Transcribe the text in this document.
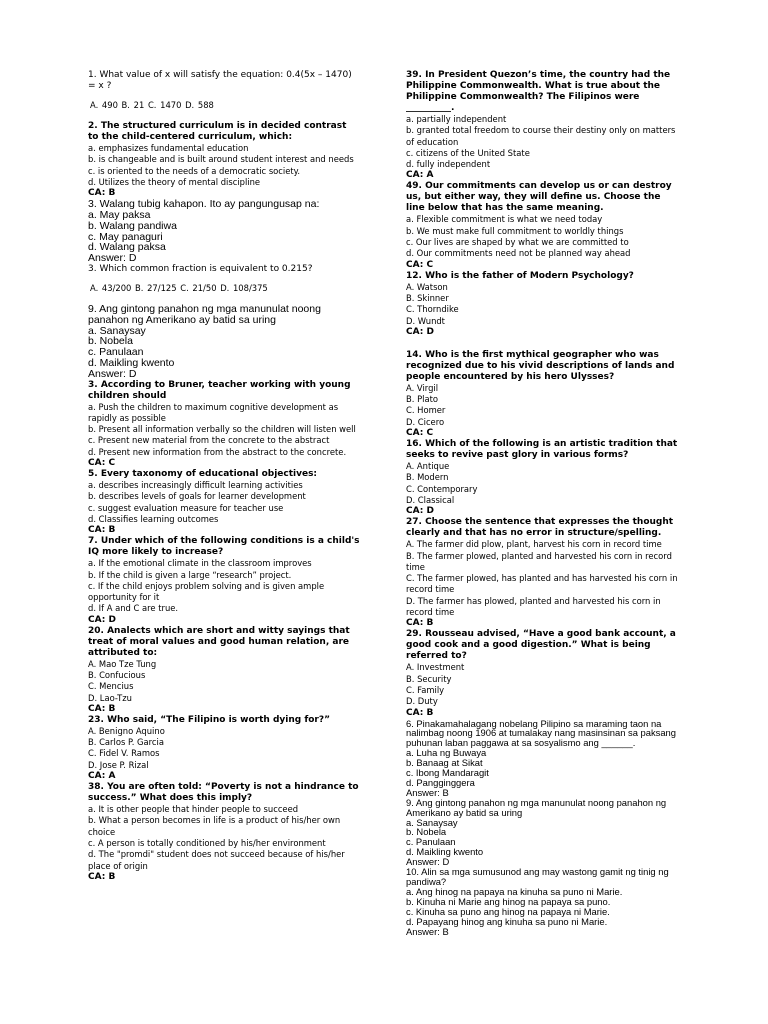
1. What value of x will satisfy the equation: 0.4(5x – 1470) = x ?

A. 490 B. 21 C. 1470 D. 588

2. The structured curriculum is in decided contrast to the child-centered curriculum, which:

a. emphasizes fundamental education

b. is changeable and is built around student interest and needs

c. is oriented to the needs of a democratic society.

d. Utilizes the theory of mental discipline

CA: B

3. Walang tubig kahapon. Ito ay pangungusap na:

a. May paksa

b. Walang pandiwa

c. May panaguri

d. Walang paksa

Answer: D

3. Which common fraction is equivalent to 0.215?

A. 43/200 B. 27/125 C. 21/50 D. 108/375

9. Ang gintong panahon ng mga manunulat noong panahon ng Amerikano ay batid sa uring

a. Sanaysay

b. Nobela

c. Panulaan

d. Maikling kwento

Answer: D

3. According to Bruner, teacher working with young children should

a. Push the children to maximum cognitive development as rapidly as possible

b. Present all information verbally so the children will listen well

c. Present new material from the concrete to the abstract

d. Present new information from the abstract to the concrete.

CA: C

5. Every taxonomy of educational objectives:

a. describes increasingly difficult learning activities

b. describes levels of goals for learner development

c. suggest evaluation measure for teacher use

d. Classifies learning outcomes

CA: B

7. Under which of the following conditions is a child's IQ more likely to increase?

a. If the emotional climate in the classroom improves

b. If the child is given a large “research” project.

c. If the child enjoys problem solving and is given ample opportunity for it

d. If A and C are true.

CA: D

20. Analects which are short and witty sayings that treat of moral values and good human relation, are attributed to:

A. Mao Tze Tung

B. Confucious

C. Mencius

D. Lao-Tzu

CA: B

23. Who said, “The Filipino is worth dying for?”

A. Benigno Aquino

B. Carlos P. Garcia

C. Fidel V. Ramos

D. Jose P. Rizal

CA: A

38. You are often told: “Poverty is not a hindrance to success.” What does this imply?

a. It is other people that hinder people to succeed

b. What a person becomes in life is a product of his/her own choice

c. A person is totally conditioned by his/her environment

d. The "promdi" student does not succeed because of his/her place of origin

CA: B

39. In President Quezon’s time, the country had the Philippine Commonwealth. What is true about the Philippine Commonwealth? The Filipinos were

__________.

a. partially independent

b. granted total freedom to course their destiny only on matters of education

c. citizens of the United State

d. fully independent

CA: A

49. Our commitments can develop us or can destroy us, but either way, they will define us. Choose the line below that has the same meaning.

a. Flexible commitment is what we need today

b. We must make full commitment to worldly things

c. Our lives are shaped by what we are committed to

d. Our commitments need not be planned way ahead

CA: C

12. Who is the father of Modern Psychology?

A. Watson

B. Skinner

C. Thorndike

D. Wundt

CA: D

14. Who is the first mythical geographer who was recognized due to his vivid descriptions of lands and people encountered by his hero Ulysses?

A. Virgil

B. Plato

C. Homer

D. Cicero

CA: C

16. Which of the following is an artistic tradition that seeks to revive past glory in various forms?

A. Antique

B. Modern

C. Contemporary

D. Classical

CA: D

27. Choose the sentence that expresses the thought clearly and that has no error in structure/spelling.

A. The farmer did plow, plant, harvest his corn in record time

B. The farmer plowed, planted and harvested his corn in record time

C. The farmer plowed, has planted and has harvested his corn in record time

D. The farmer has plowed, planted and harvested his corn in record time

CA: B

29. Rousseau advised, “Have a good bank account, a good cook and a good digestion.” What is being referred to?

A. Investment

B. Security

C. Family

D. Duty

CA: B

6. Pinakamahalagang nobelang Pilipino sa maraming taon na nalimbag noong 1906 at tumalakay nang masinsinan sa paksang puhunan laban paggawa at sa sosyalismo ang ______.

a. Luha ng Buwaya

b. Banaag at Sikat

c. Ibong Mandaragit

d. Pangginggera

Answer: B

9. Ang gintong panahon ng mga manunulat noong panahon ng Amerikano ay batid sa uring

a. Sanaysay

b. Nobela

c. Panulaan

d. Maikling kwento

Answer: D

10. Alin sa mga sumusunod ang may wastong gamit ng tinig ng pandiwa?

a. Ang hinog na papaya na kinuha sa puno ni Marie.

b. Kinuha ni Marie ang hinog na papaya sa puno.

c. Kinuha sa puno ang hinog na papaya ni Marie.

d. Papayang hinog ang kinuha sa puno ni Marie.

Answer: B
